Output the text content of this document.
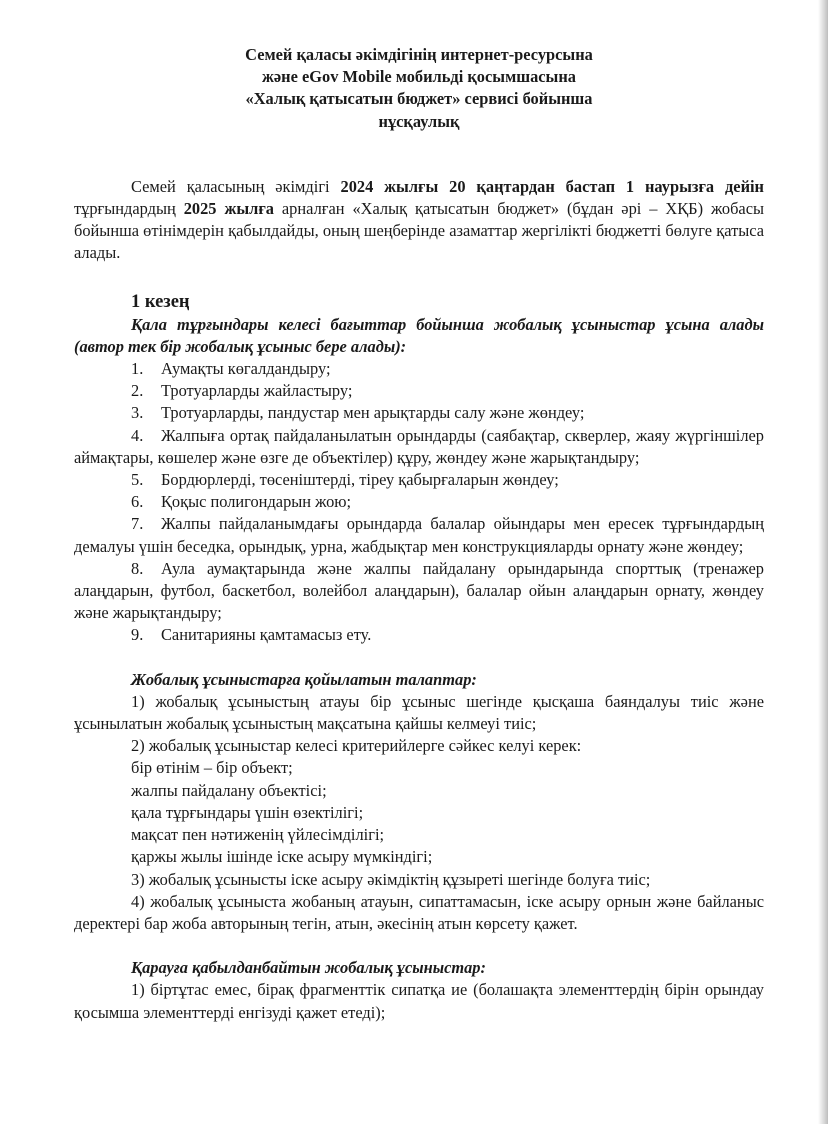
Семей қаласы әкімдігінің интернет-ресурсына
және eGov Mobile мобильді қосымшасына
«Халық қатысатын бюджет» сервисі бойынша
нұсқаулық

Семей қаласының әкімдігі 2024 жылғы 20 қаңтардан бастап 1 наурызға дейін тұрғындардың 2025 жылға арналған «Халық қатысатын бюджет» (бұдан әрі – ХҚБ) жобасы бойынша өтінімдерін қабылдайды, оның шеңберінде азаматтар жергілікті бюджетті бөлуге қатыса алады.

1 кезең

Қала тұрғындары келесі бағыттар бойынша жобалық ұсыныстар ұсына алады (автор тек бір жобалық ұсыныс бере алады):

1. Аумақты көгалдандыру;
2. Тротуарларды жайластыру;
3. Тротуарларды, пандустар мен арықтарды салу және жөндеу;
4. Жалпыға ортақ пайдаланылатын орындарды (саябақтар, скверлер, жаяу жүргіншілер аймақтары, көшелер және өзге де объектілер) құру, жөндеу және жарықтандыру;
5. Бордюрлерді, төсеніштерді, тіреу қабырғаларын жөндеу;
6. Қоқыс полигондарын жою;
7. Жалпы пайдаланымдағы орындарда балалар ойындары мен ересек тұрғындардың демалуы үшін беседка, орындық, урна, жабдықтар мен конструкцияларды орнату және жөндеу;
8. Аула аумақтарында және жалпы пайдалану орындарында спорттық (тренажер алаңдарын, футбол, баскетбол, волейбол алаңдарын), балалар ойын алаңдарын орнату, жөндеу және жарықтандыру;
9. Санитарияны қамтамасыз ету.
Жобалық ұсыныстарға қойылатын талаптар:

1) жобалық ұсыныстың атауы бір ұсыныс шегінде қысқаша баяндалуы тиіс және ұсынылатын жобалық ұсыныстың мақсатына қайшы келмеуі тиіс;

2) жобалық ұсыныстар келесі критерийлерге сәйкес келуі керек:

бір өтінім – бір объект;

жалпы пайдалану объектісі;

қала тұрғындары үшін өзектілігі;

мақсат пен нәтиженің үйлесімділігі;

қаржы жылы ішінде іске асыру мүмкіндігі;

3) жобалық ұсынысты іске асыру әкімдіктің құзыреті шегінде болуға тиіс;

4) жобалық ұсыныста жобаның атауын, сипаттамасын, іске асыру орнын және байланыс деректері бар жоба авторының тегін, атын, әкесінің атын көрсету қажет.

Қарауға қабылданбайтын жобалық ұсыныстар:

1) біртұтас емес, бірақ фрагменттік сипатқа ие (болашақта элементтердің бірін орындау қосымша элементтерді енгізуді қажет етеді);
